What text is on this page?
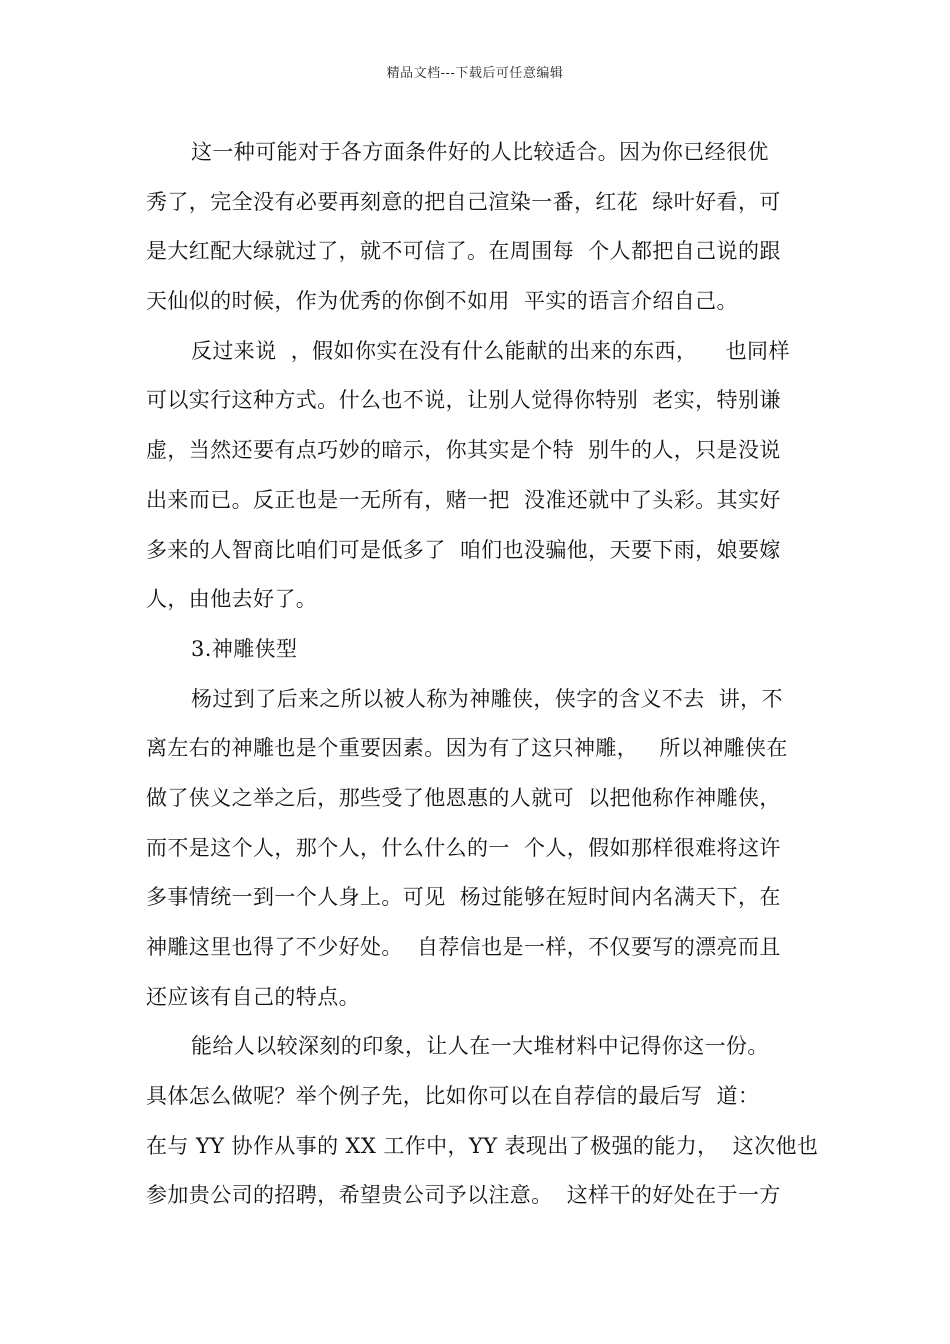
精品文档---下载后可任意编辑
这一种可能对于各方面条件好的人比较适合。因为你已经很优
秀了，完全没有必要再刻意的把自己渲染一番，红花  绿叶好看，可
是大红配大绿就过了，就不可信了。在周围每  个人都把自己说的跟
天仙似的时候，作为优秀的你倒不如用  平实的语言介绍自己。
反过来说  ，假如你实在没有什么能献的出来的东西，    也同样
可以实行这种方式。什么也不说，让别人觉得你特别  老实，特别谦
虚，当然还要有点巧妙的暗示，你其实是个特  别牛的人，只是没说
出来而已。反正也是一无所有，赌一把  没准还就中了头彩。其实好
多来的人智商比咱们可是低多了  咱们也没骗他，天要下雨，娘要嫁
人，由他去好了。
3.神雕侠型
杨过到了后来之所以被人称为神雕侠，侠字的含义不去  讲，不
离左右的神雕也是个重要因素。因为有了这只神雕，   所以神雕侠在
做了侠义之举之后，那些受了他恩惠的人就可  以把他称作神雕侠，
而不是这个人，那个人，什么什么的一  个人，假如那样很难将这许
多事情统一到一个人身上。可见  杨过能够在短时间内名满天下，在
神雕这里也得了不少好处。  自荐信也是一样，不仅要写的漂亮而且
还应该有自己的特点。
能给人以较深刻的印象，让人在一大堆材料中记得你这一份。
具体怎么做呢？举个例子先，比如你可以在自荐信的最后写  道：
在与 YY 协作从事的 XX 工作中，YY 表现出了极强的能力，  这次他也
参加贵公司的招聘，希望贵公司予以注意。  这样干的好处在于一方
